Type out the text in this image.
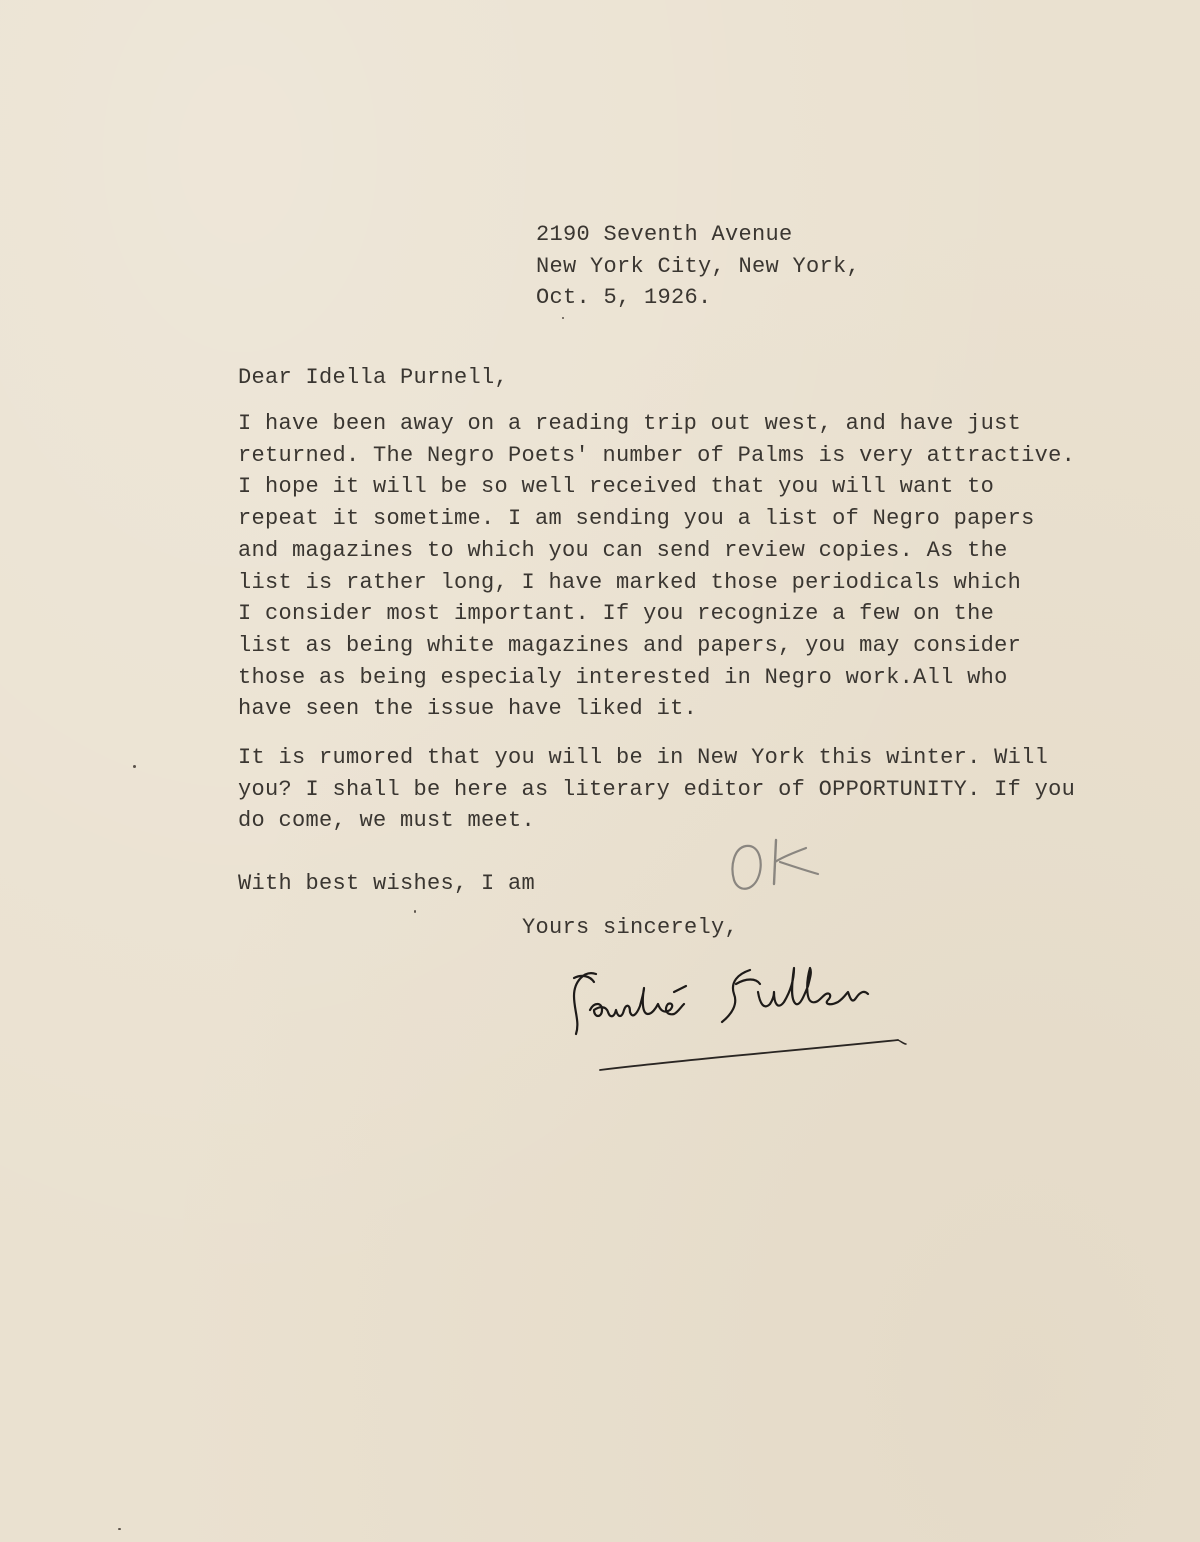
2190 Seventh Avenue
New York City, New York,
Oct. 5, 1926.
Dear Idella Purnell,
I have been away on a reading trip out west, and have just
returned. The Negro Poets' number of Palms is very attractive.
I hope it will be so well received that you will want to
repeat it sometime. I am sending you a list of Negro papers
and magazines to which you can send review copies. As the
list is rather long, I have marked those periodicals which
I consider most important. If you recognize a few on the
list as being white magazines and papers, you may consider
those as being especialy interested in Negro work.All who
have seen the issue have liked it.
It is rumored that you will be in New York this winter. Will
you? I shall be here as literary editor of OPPORTUNITY. If you
do come, we must meet.
With best wishes, I am
Yours sincerely,
